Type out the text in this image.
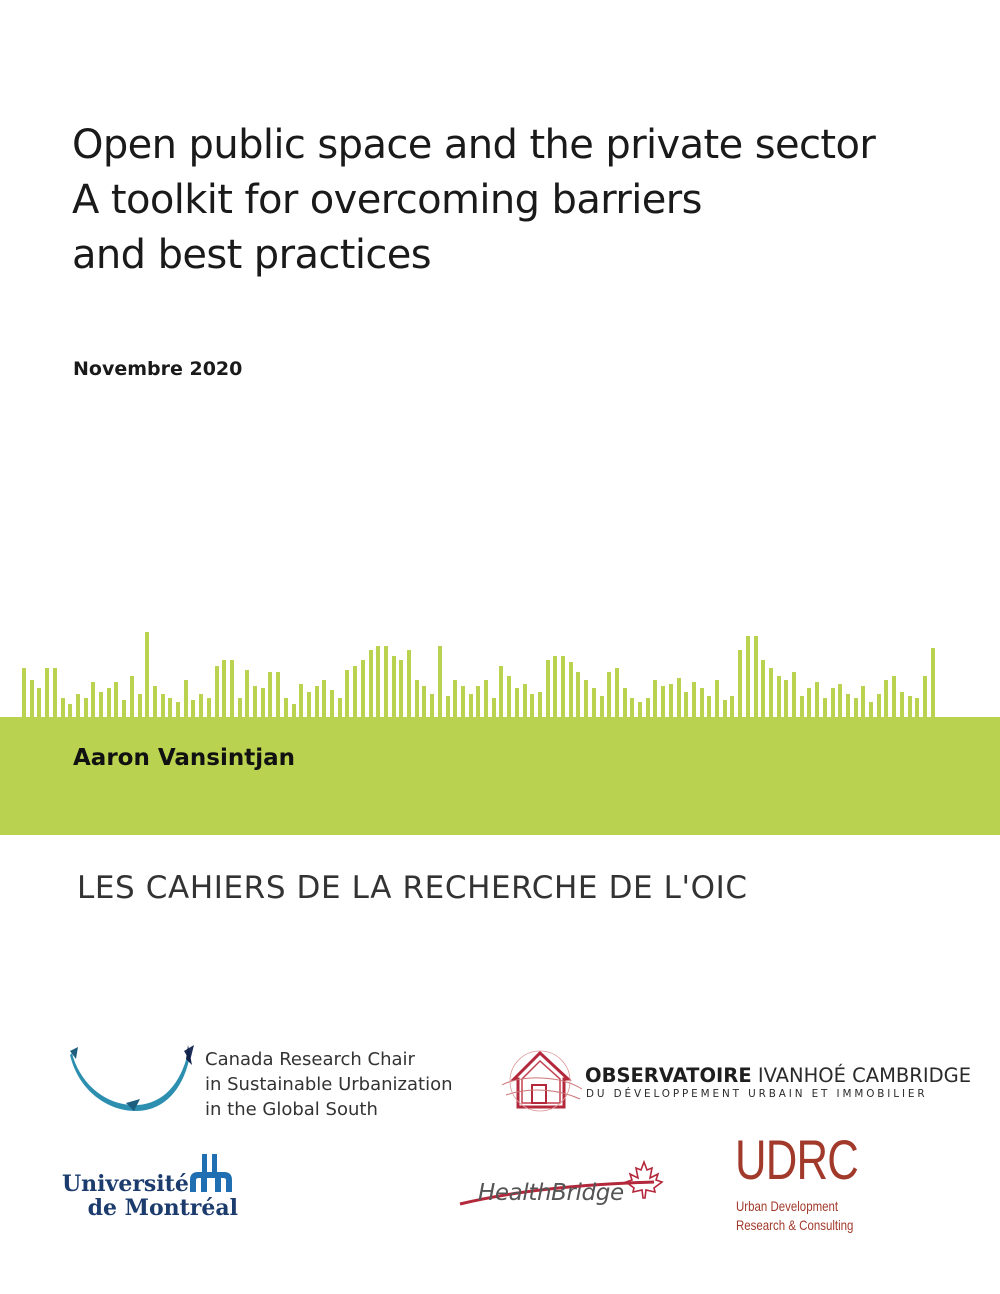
Open public space and the private sector
A toolkit for overcoming barriers
and best practices
Novembre 2020
Aaron Vansintjan
LES CAHIERS DE LA RECHERCHE DE L'OIC
Canada Research Chair
in Sustainable Urbanization
in the Global South
OBSERVATOIRE IVANHOÉ CAMBRIDGE
DU DÉVELOPPEMENT URBAIN ET IMMOBILIER
Université
de Montréal
HealthBridge
UDRC
Urban Development
Research & Consulting
